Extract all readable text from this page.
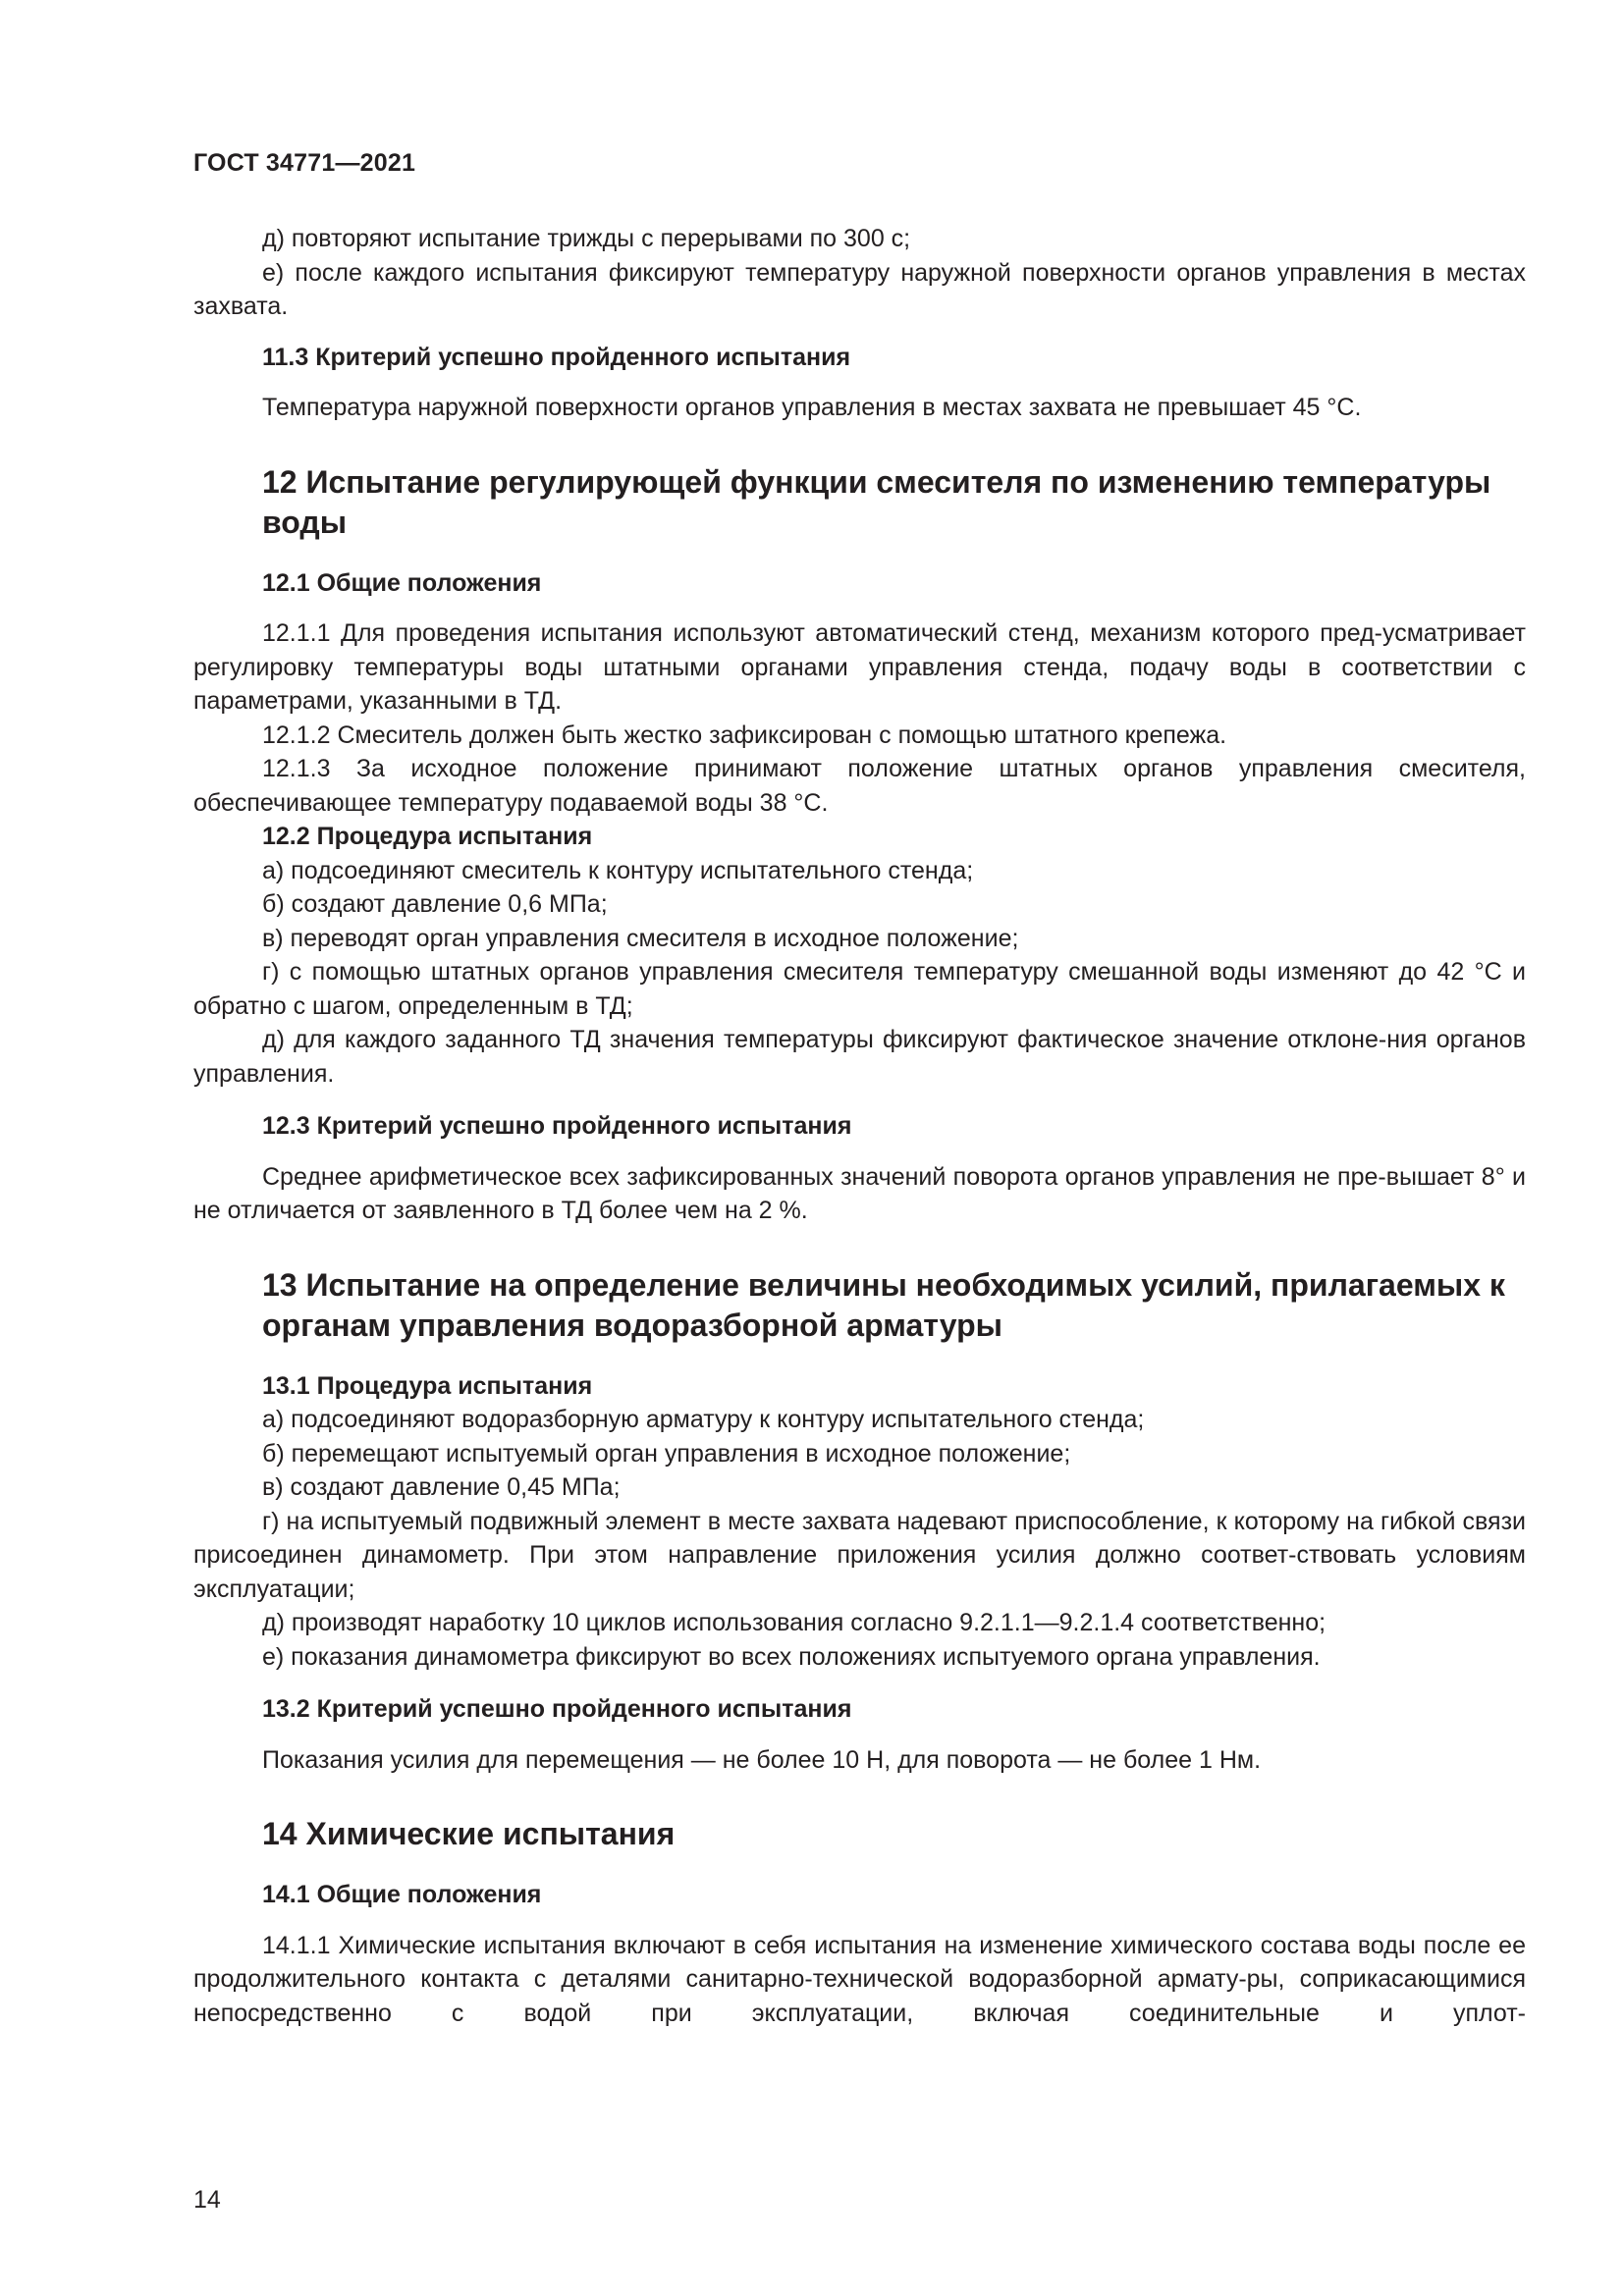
ГОСТ 34771—2021

д) повторяют испытание трижды с перерывами по 300 с;

е) после каждого испытания фиксируют температуру наружной поверхности органов управления в местах захвата.

11.3 Критерий успешно пройденного испытания

Температура наружной поверхности органов управления в местах захвата не превышает 45 °С.

12 Испытание регулирующей функции смесителя по изменению температуры воды

12.1 Общие положения

12.1.1 Для проведения испытания используют автоматический стенд, механизм которого пред-усматривает регулировку температуры воды штатными органами управления стенда, подачу воды в соответствии с параметрами, указанными в ТД.

12.1.2 Смеситель должен быть жестко зафиксирован с помощью штатного крепежа.

12.1.3 За исходное положение принимают положение штатных органов управления смесителя, обеспечивающее температуру подаваемой воды 38 °С.

12.2 Процедура испытания

а) подсоединяют смеситель к контуру испытательного стенда;

б) создают давление 0,6 МПа;

в) переводят орган управления смесителя в исходное положение;

г) с помощью штатных органов управления смесителя температуру смешанной воды изменяют до 42 °С и обратно с шагом, определенным в ТД;

д) для каждого заданного ТД значения температуры фиксируют фактическое значение отклоне-ния органов управления.

12.3 Критерий успешно пройденного испытания

Среднее арифметическое всех зафиксированных значений поворота органов управления не пре-вышает 8° и не отличается от заявленного в ТД более чем на 2 %.

13 Испытание на определение величины необходимых усилий, прилагаемых к органам управления водоразборной арматуры

13.1 Процедура испытания

а) подсоединяют водоразборную арматуру к контуру испытательного стенда;

б) перемещают испытуемый орган управления в исходное положение;

в) создают давление 0,45 МПа;

г) на испытуемый подвижный элемент в месте захвата надевают приспособление, к которому на гибкой связи присоединен динамометр. При этом направление приложения усилия должно соответ-ствовать условиям эксплуатации;

д) производят наработку 10 циклов использования согласно 9.2.1.1—9.2.1.4 соответственно;

е) показания динамометра фиксируют во всех положениях испытуемого органа управления.

13.2 Критерий успешно пройденного испытания

Показания усилия для перемещения — не более 10 Н, для поворота — не более 1 Нм.

14 Химические испытания

14.1 Общие положения

14.1.1 Химические испытания включают в себя испытания на изменение химического состава воды после ее продолжительного контакта с деталями санитарно-технической водоразборной армату-ры, соприкасающимися непосредственно с водой при эксплуатации, включая соединительные и уплот-

14
